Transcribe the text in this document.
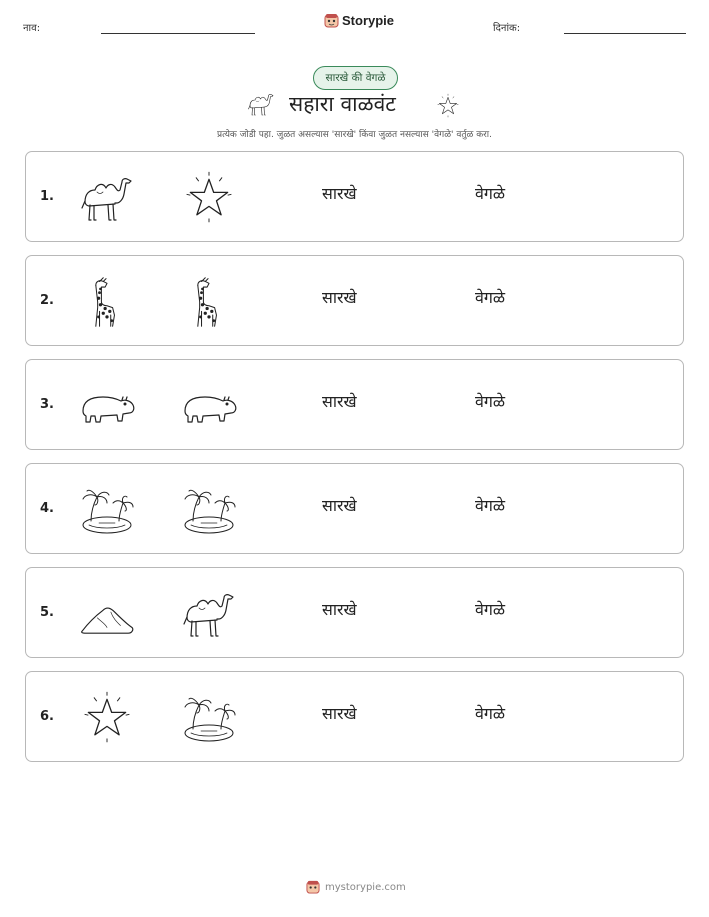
नाव:
Storypie
दिनांक:
सारखे की वेगळे
सहारा वाळवंट
प्रत्येक जोडी पहा. जुळत असल्यास 'सारखे' किंवा जुळत नसल्यास 'वेगळे' वर्तुळ करा.
1.	सारखे	वेगळे
2.	सारखे	वेगळे
3.	सारखे	वेगळे
4.	सारखे	वेगळे
5.	सारखे	वेगळे
6.	सारखे	वेगळे
mystorypie.com
